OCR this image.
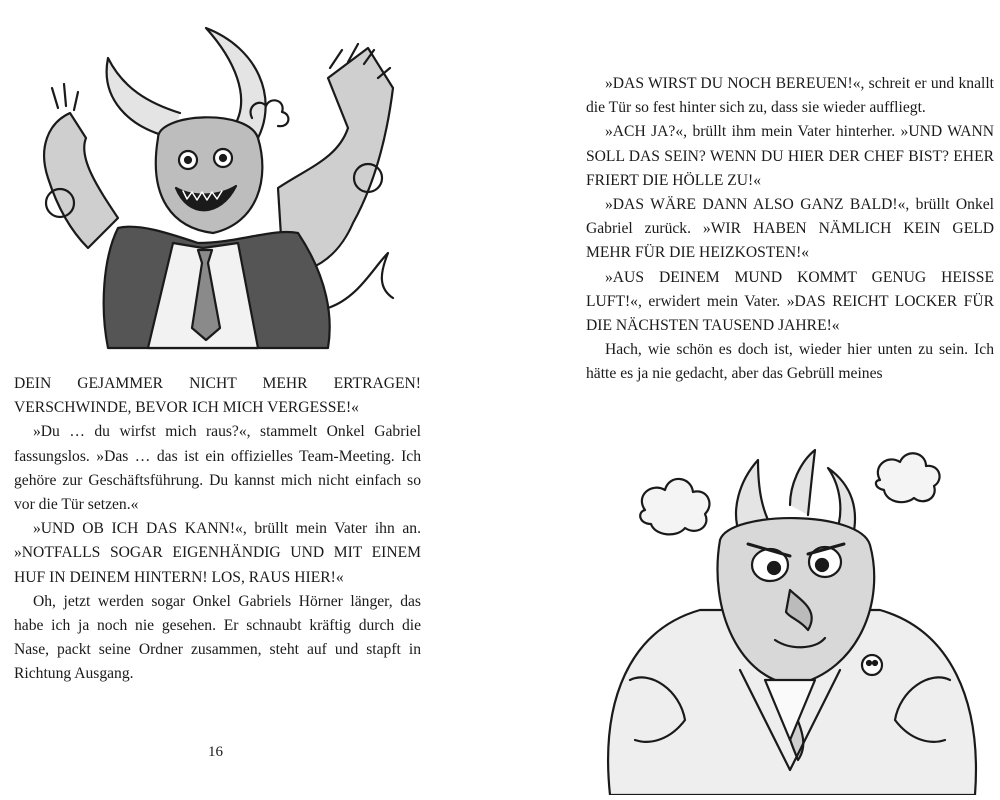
DEIN GEJAMMER NICHT MEHR ERTRAGEN! VERSCHWINDE, BEVOR ICH MICH VERGESSE!«

»Du … du wirfst mich raus?«, stammelt Onkel Gabriel fassungslos. »Das … das ist ein offizielles Team-Meeting. Ich gehöre zur Geschäftsführung. Du kannst mich nicht einfach so vor die Tür setzen.«

»UND OB ICH DAS KANN!«, brüllt mein Vater ihn an. »NOTFALLS SOGAR EIGENHÄNDIG UND MIT EINEM HUF IN DEINEM HINTERN! LOS, RAUS HIER!«

Oh, jetzt werden sogar Onkel Gabriels Hörner länger, das habe ich ja noch nie gesehen. Er schnaubt kräftig durch die Nase, packt seine Ordner zusammen, steht auf und stapft in Richtung Ausgang.

16

»DAS WIRST DU NOCH BEREUEN!«, schreit er und knallt die Tür so fest hinter sich zu, dass sie wieder auffliegt.

»ACH JA?«, brüllt ihm mein Vater hinterher. »UND WANN SOLL DAS SEIN? WENN DU HIER DER CHEF BIST? EHER FRIERT DIE HÖLLE ZU!«

»DAS WÄRE DANN ALSO GANZ BALD!«, brüllt Onkel Gabriel zurück. »WIR HABEN NÄMLICH KEIN GELD MEHR FÜR DIE HEIZKOSTEN!«

»AUS DEINEM MUND KOMMT GENUG HEISSE LUFT!«, erwidert mein Vater. »DAS REICHT LOCKER FÜR DIE NÄCHSTEN TAUSEND JAHRE!«

Hach, wie schön es doch ist, wieder hier unten zu sein. Ich hätte es ja nie gedacht, aber das Gebrüll meines
